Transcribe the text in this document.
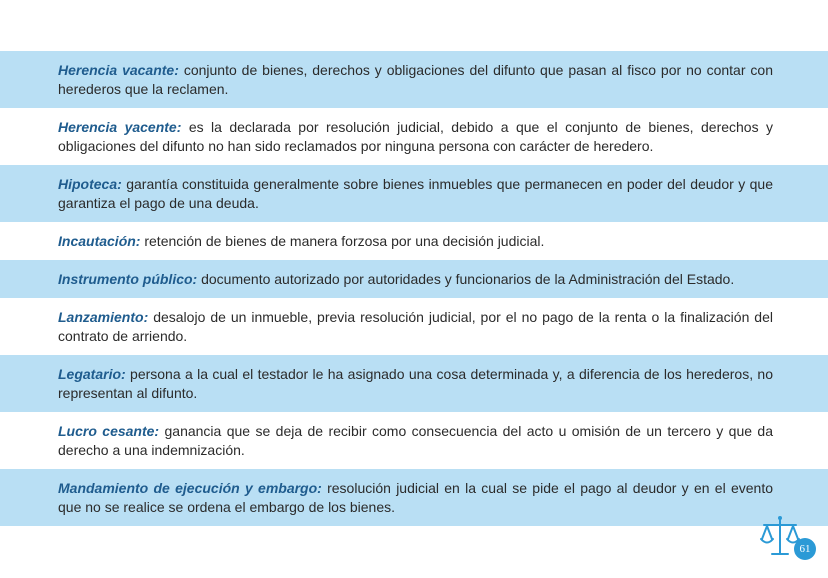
Herencia vacante: conjunto de bienes, derechos y obligaciones del difunto que pasan al fisco por no contar con herederos que la reclamen.
Herencia yacente: es la declarada por resolución judicial, debido a que el conjunto de bienes, derechos y obligaciones del difunto no han sido reclamados por ninguna persona con carácter de heredero.
Hipoteca: garantía constituida generalmente sobre bienes inmuebles que permanecen en poder del deudor y que garantiza el pago de una deuda.
Incautación: retención de bienes de manera forzosa por una decisión judicial.
Instrumento público: documento autorizado por autoridades y funcionarios de la Administración del Estado.
Lanzamiento: desalojo de un inmueble, previa resolución judicial, por el no pago de la renta o la finalización del contrato de arriendo.
Legatario: persona a la cual el testador le ha asignado una cosa determinada y, a diferencia de los herederos, no representan al difunto.
Lucro cesante: ganancia que se deja de recibir como consecuencia del acto u omisión de un tercero y que da derecho a una indemnización.
Mandamiento de ejecución y embargo: resolución judicial en la cual se pide el pago al deudor y en el evento que no se realice se ordena el embargo de los bienes.
61
